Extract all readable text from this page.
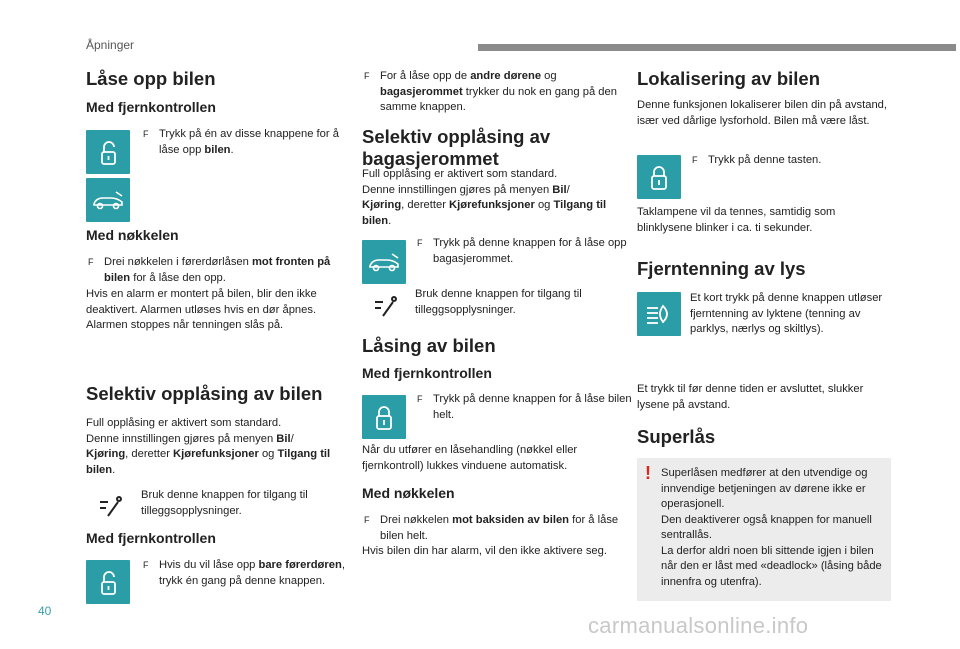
Åpninger
Låse opp bilen
Med fjernkontrollen
F Trykk på én av disse knappene for å låse opp bilen.
Med nøkkelen
F Drei nøkkelen i førerdørlåsen mot fronten på bilen for å låse den opp.
Hvis en alarm er montert på bilen, blir den ikke deaktivert. Alarmen utløses hvis en dør åpnes. Alarmen stoppes når tenningen slås på.
Selektiv opplåsing av bilen
Full opplåsing er aktivert som standard.
Denne innstillingen gjøres på menyen Bil/
Kjøring, deretter Kjørefunksjoner og Tilgang til bilen.
Bruk denne knappen for tilgang til tilleggsopplysninger.
Med fjernkontrollen
F Hvis du vil låse opp bare førerdøren, trykk én gang på denne knappen.
F For å låse opp de andre dørene og bagasjerommet trykker du nok en gang på den samme knappen.
Selektiv opplåsing av bagasjerommet
Full opplåsing er aktivert som standard.
Denne innstillingen gjøres på menyen Bil/
Kjøring, deretter Kjørefunksjoner og Tilgang til bilen.
F Trykk på denne knappen for å låse opp bagasjerommet.
Bruk denne knappen for tilgang til tilleggsopplysninger.
Låsing av bilen
Med fjernkontrollen
F Trykk på denne knappen for å låse bilen helt.
Når du utfører en låsehandling (nøkkel eller fjernkontroll) lukkes vinduene automatisk.
Med nøkkelen
F Drei nøkkelen mot baksiden av bilen for å låse bilen helt.
Hvis bilen din har alarm, vil den ikke aktivere seg.
Lokalisering av bilen
Denne funksjonen lokaliserer bilen din på avstand, især ved dårlige lysforhold. Bilen må være låst.
F Trykk på denne tasten.
Taklampene vil da tennes, samtidig som blinklysene blinker i ca. ti sekunder.
Fjerntenning av lys
Et kort trykk på denne knappen utløser fjerntenning av lyktene (tenning av parklys, nærlys og skiltlys).
Et trykk til før denne tiden er avsluttet, slukker lysene på avstand.
Superlås
! Superlåsen medfører at den utvendige og innvendige betjeningen av dørene ikke er operasjonell.
Den deaktiverer også knappen for manuell sentrallås.
La derfor aldri noen bli sittende igjen i bilen når den er låst med «deadlock» (låsing både innenfra og utenfra).
40
carmanualsonline.info
